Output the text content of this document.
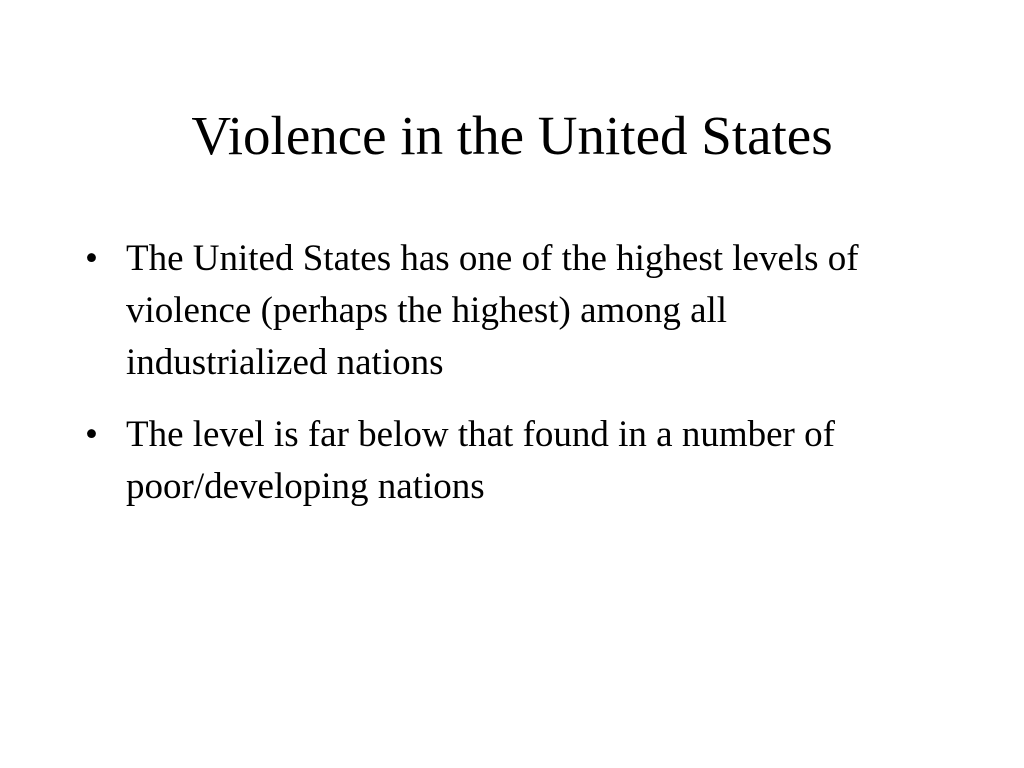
Violence in the United States
• The United States has one of the highest levels of violence (perhaps the highest) among all industrialized nations
• The level is far below that found in a number of poor/developing nations
